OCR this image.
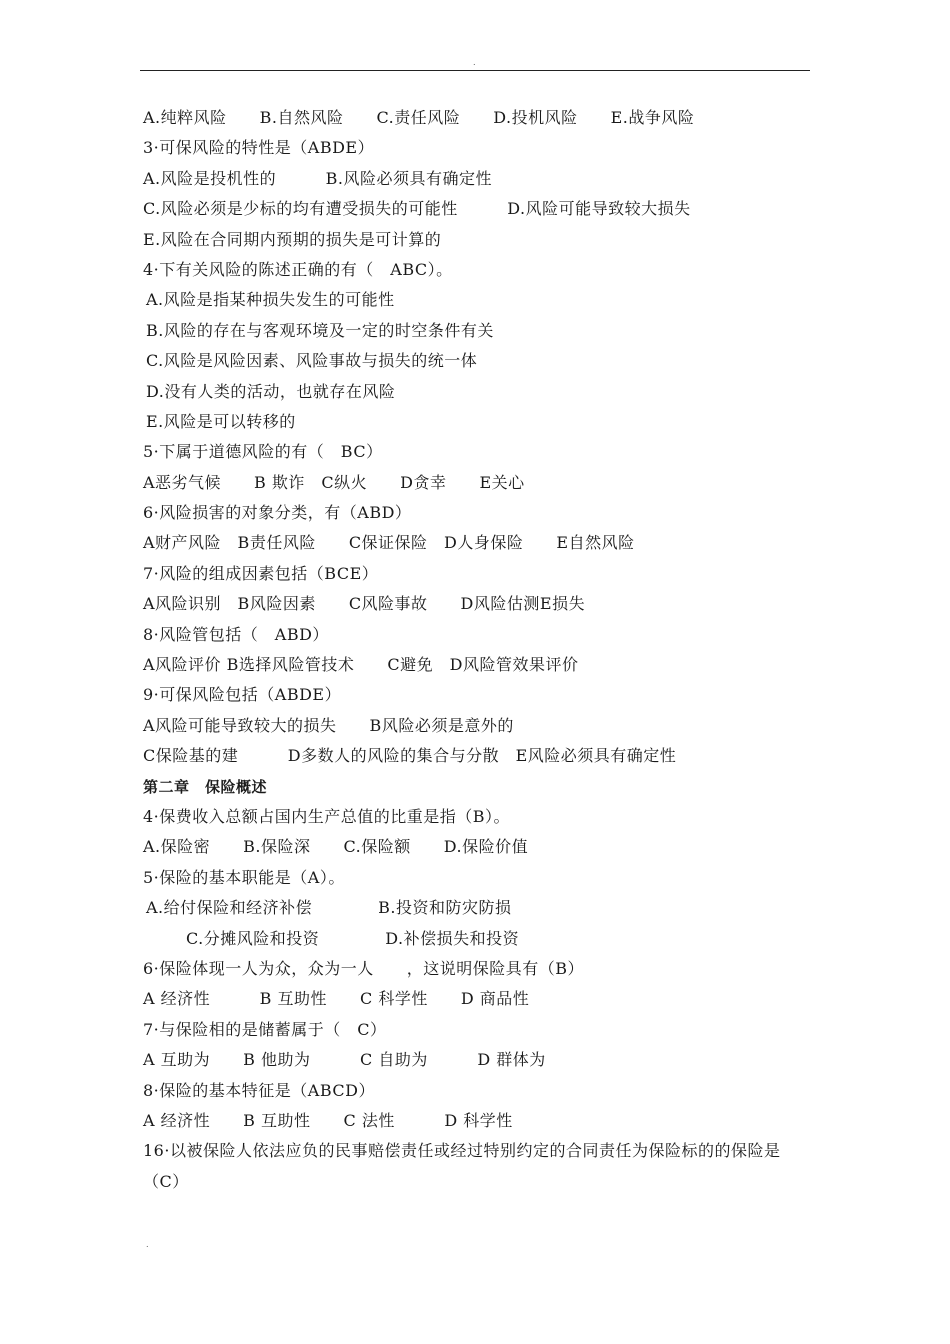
.
A.纯粹风险　　B.自然风险　　C.责任风险　　D.投机风险　　E.战争风险
3·可保风险的特性是（ABDE）
A.风险是投机性的　　　B.风险必须具有确定性
C.风险必须是少标的均有遭受损失的可能性　　　D.风险可能导致较大损失
E.风险在合同期内预期的损失是可计算的
4·下有关风险的陈述正确的有（　ABC）。
A.风险是指某种损失发生的可能性
B.风险的存在与客观环境及一定的时空条件有关
C.风险是风险因素、风险事故与损失的统一体
D.没有人类的活动，也就存在风险
E.风险是可以转移的
5·下属于道德风险的有（　BC）
A恶劣气候　　B 欺诈　C纵火　　D贪幸　　E关心
6·风险损害的对象分类，有（ABD）
A财产风险　B责任风险　　C保证保险　D人身保险　　E自然风险
7·风险的组成因素包括（BCE）
A风险识别　B风险因素　　C风险事故　　D风险估测E损失
8·风险管包括（　ABD）
A风险评价 B选择风险管技术　　C避免　D风险管效果评价
9·可保风险包括（ABDE）
A风险可能导致较大的损失　　B风险必须是意外的
C保险基的建　　　D多数人的风险的集合与分散　E风险必须具有确定性
第二章　保险概述
4·保费收入总额占国内生产总值的比重是指（B）。
A.保险密　　B.保险深　　C.保险额　　D.保险价值
5·保险的基本职能是（A）。
A.给付保险和经济补偿　　　　B.投资和防灾防损
C.分摊风险和投资　　　　D.补偿损失和投资
6·保险体现一人为众，众为一人　　，这说明保险具有（B）
A 经济性　　　B 互助性　　C 科学性　　D 商品性
7·与保险相的是储蓄属于（　C）
A 互助为　　B 他助为　　　C 自助为　　　D 群体为
8·保险的基本特征是（ABCD）
A 经济性　　B 互助性　　C 法性　　　D 科学性
16·以被保险人依法应负的民事赔偿责任或经过特别约定的合同责任为保险标的的保险是（C）
.
